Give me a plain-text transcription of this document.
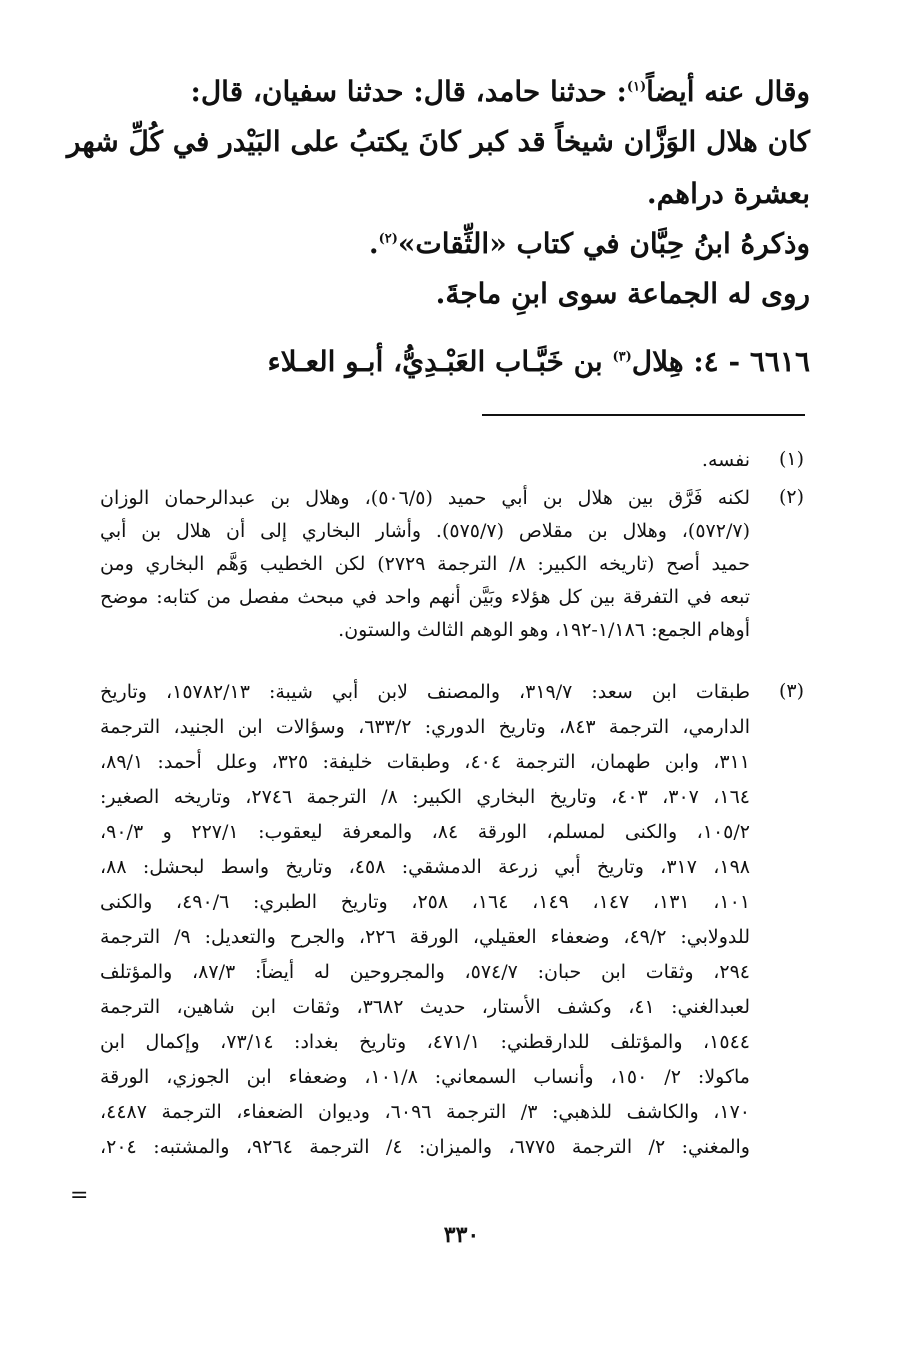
وقال عنه أيضاً$^{(١)}$: حدثنا حامد، قال: حدثنا سفيان، قال:
كان هلال الوَزَّان شيخاً قد كبر كانَ يكتبُ على البَيْدر في كُلِّ شهر
بعشرة دراهم.
وذكرهُ ابنُ حِبَّان في كتاب «الثِّقات»$^{(٢)}$.
روى له الجماعة سوى ابنِ ماجةَ.
٦٦١٦ - ٤: هِلال$^{(٣)}$ بن خَبَّـاب العَبْـدِيُّ، أبـو العـلاء
(١)
نفسه.
(٢)
لكنه فَرَّق بين هلال بن أبي حميد (٥٠٦/٥)، وهلال بن عبدالرحمان الوزان
(٥٧٢/٧)، وهلال بن مقلاص (٥٧٥/٧). وأشار البخاري إلى أن هلال بن أبي
حميد أصح (تاريخه الكبير: ٨/ الترجمة ٢٧٢٩) لكن الخطيب وَهَّم البخاري ومن
تبعه في التفرقة بين كل هؤلاء وبَيَّن أنهم واحد في مبحث مفصل من كتابه: موضح
أوهام الجمع: ١/١٨٦-١٩٢، وهو الوهم الثالث والستون.
(٣)
طبقات ابن سعد: ٣١٩/٧، والمصنف لابن أبي شيبة: ١٥٧٨٢/١٣، وتاريخ
الدارمي، الترجمة ٨٤٣، وتاريخ الدوري: ٦٣٣/٢، وسؤالات ابن الجنيد، الترجمة
٣١١، وابن طهمان، الترجمة ٤٠٤، وطبقات خليفة: ٣٢٥، وعلل أحمد: ٨٩/١،
١٦٤، ٣٠٧، ٤٠٣، وتاريخ البخاري الكبير: ٨/ الترجمة ٢٧٤٦، وتاريخه الصغير:
١٠٥/٢، والكنى لمسلم، الورقة ٨٤، والمعرفة ليعقوب: ٢٢٧/١ و ٩٠/٣،
١٩٨، ٣١٧، وتاريخ أبي زرعة الدمشقي: ٤٥٨، وتاريخ واسط لبحشل: ٨٨،
١٠١، ١٣١، ١٤٧، ١٤٩، ١٦٤، ٢٥٨، وتاريخ الطبري: ٤٩٠/٦، والكنى
للدولابي: ٤٩/٢، وضعفاء العقيلي، الورقة ٢٢٦، والجرح والتعديل: ٩/ الترجمة
٢٩٤، وثقات ابن حبان: ٥٧٤/٧، والمجروحين له أيضاً: ٨٧/٣، والمؤتلف
لعبدالغني: ٤١، وكشف الأستار، حديث ٣٦٨٢، وثقات ابن شاهين، الترجمة
١٥٤٤، والمؤتلف للدارقطني: ٤٧١/١، وتاريخ بغداد: ٧٣/١٤، وإكمال ابن
ماكولا: ٢/ ١٥٠، وأنساب السمعاني: ١٠١/٨، وضعفاء ابن الجوزي، الورقة
١٧٠، والكاشف للذهبي: ٣/ الترجمة ٦٠٩٦، وديوان الضعفاء، الترجمة ٤٤٨٧،
والمغني: ٢/ الترجمة ٦٧٧٥، والميزان: ٤/ الترجمة ٩٢٦٤، والمشتبه: ٢٠٤،
=
٣٣٠
